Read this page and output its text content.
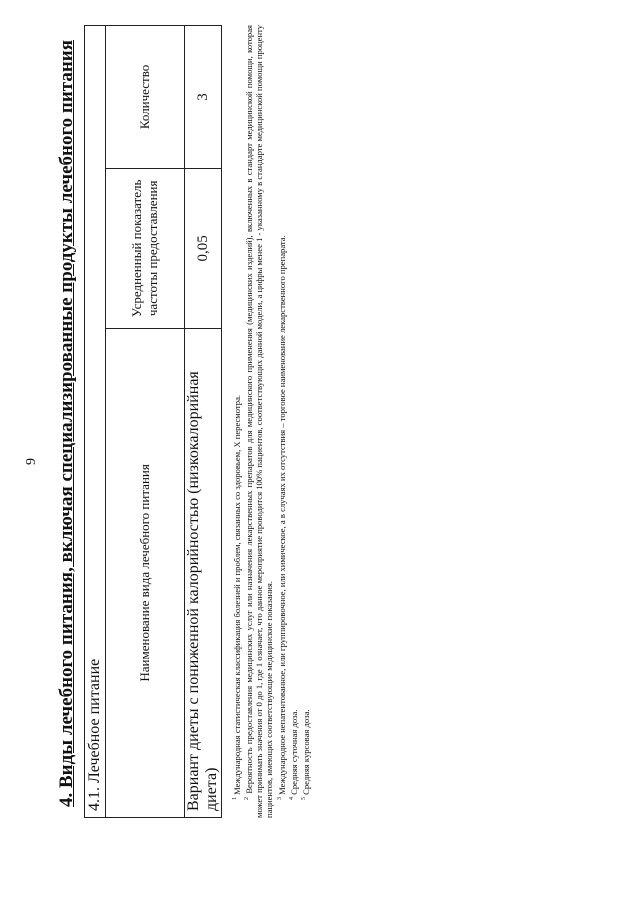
9 4. Виды лечебного питания, включая специализированные продукты лечебного питания 4.1. Лечебное питание		
Наименование вида лечебного питания	Усредненный показатель частоты предоставления	Количество
Вариант диеты с пониженной калорийностью (низкокалорийная диета)	0,05	3

$^1$ Международная статистическая классификация болезней и проблем, связанных со здоровьем, X пересмотра.

$^2$ Вероятность предоставления медицинских услуг или назначения лекарственных препаратов для медицинского применения (медицинских изделий), включенных в стандарт медицинской помощи, которая может принимать значения от 0 до 1, где 1 означает, что данное мероприятие проводится 100% пациентов, соответствующих данной модели, а цифры менее 1 - указанному в стандарте медицинской помощи проценту пациентов, имеющих соответствующие медицинские показания. $^3$ Международное непатентованное, или группировочное, или химическое, а в случаях их отсутствия – торговое наименование лекарственного препарата.

$^4$ Средняя суточная доза.

$^5$ Средняя курсовая доза.
